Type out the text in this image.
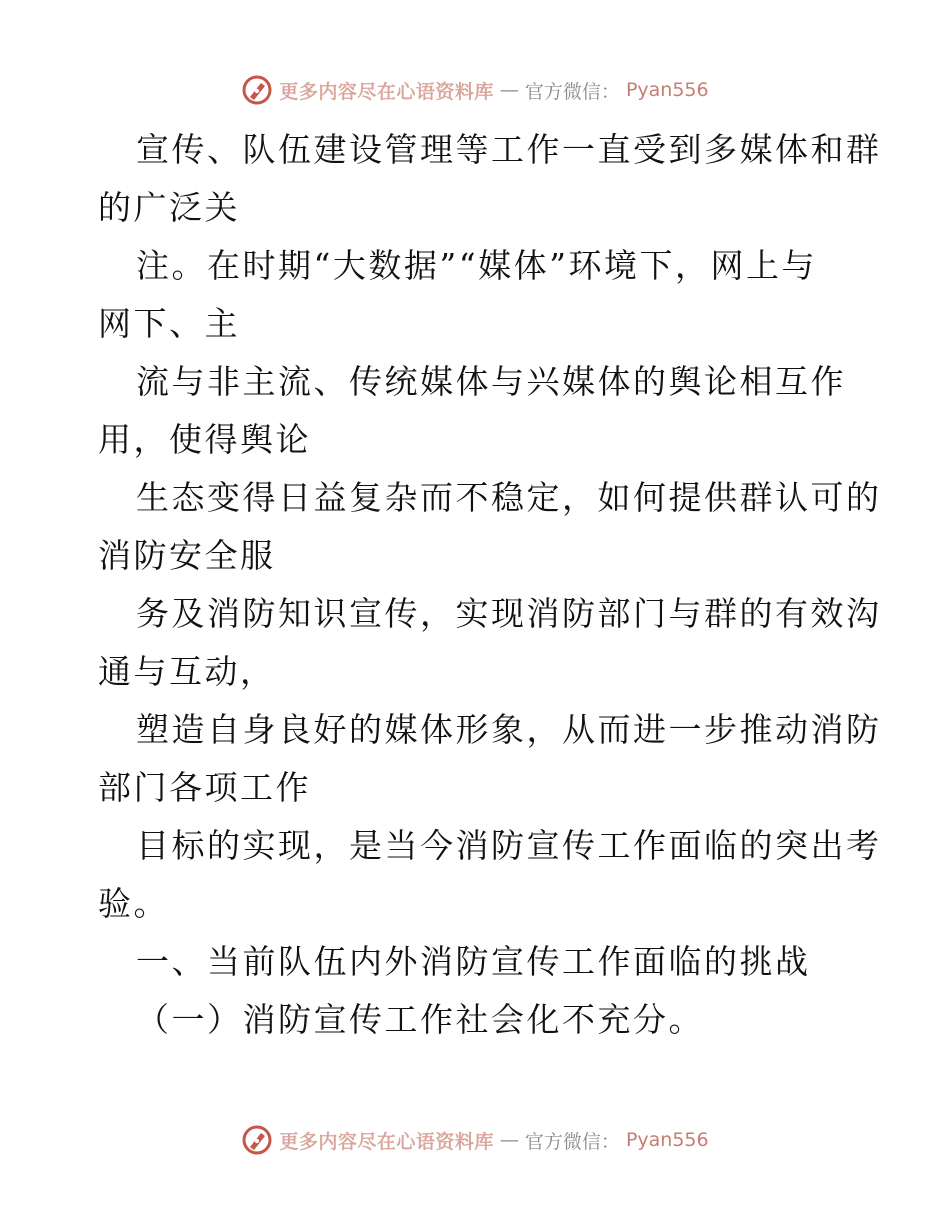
更多内容尽在心语资料库 — 官方微信： Pyan556
宣传、队伍建设管理等工作一直受到多媒体和群
的广泛关
注。在时期“大数据”“媒体”环境下，网上与
网下、主
流与非主流、传统媒体与兴媒体的舆论相互作
用，使得舆论
生态变得日益复杂而不稳定，如何提供群认可的
消防安全服
务及消防知识宣传，实现消防部门与群的有效沟
通与互动，
塑造自身良好的媒体形象，从而进一步推动消防
部门各项工作
目标的实现，是当今消防宣传工作面临的突出考
验。
一、当前队伍内外消防宣传工作面临的挑战
（一）消防宣传工作社会化不充分。
更多内容尽在心语资料库 — 官方微信： Pyan556
